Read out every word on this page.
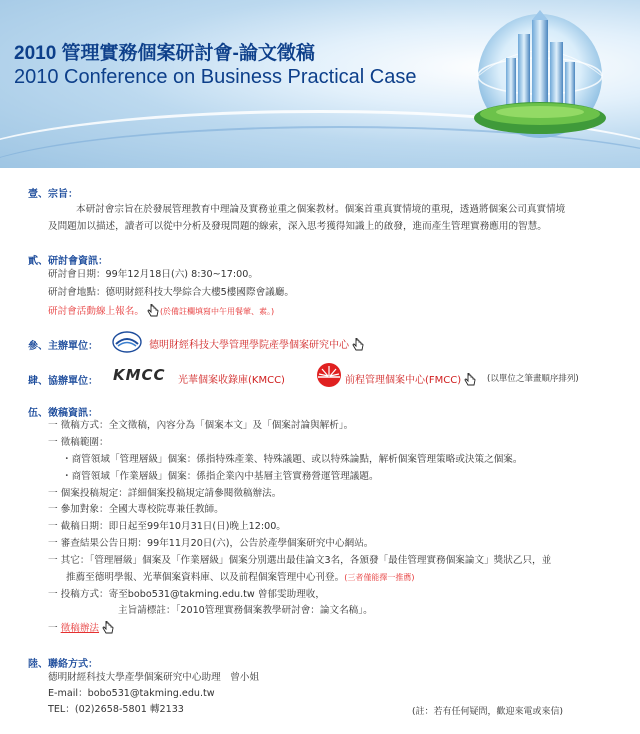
2010 管理實務個案研討會-論文徵稿
2010 Conference on Business Practical Case
壹、宗旨：
本研討會宗旨在於發展管理教育中理論及實務並重之個案教材。個案首重真實情境的重現，透過將個案公司真實情境
及問題加以描述，讀者可以從中分析及發現問題的線索，深入思考獲得知識上的啟發，進而產生管理實務應用的智慧。
貳、研討會資訊：
研討會日期：99年12月18日(六) 8:30~17:00。
研討會地點：德明財經科技大學綜合大樓5樓國際會議廳。
研討會活動線上報名。 (於備註欄填寫中午用餐葷、素。)
參、主辦單位：	德明財經科技大學管理學院產學個案研究中心
肆、協辦單位： KMCC	光華個案收錄庫(KMCC)	前程管理個案中心(FMCC)	(以單位之筆畫順序排列)
伍、徵稿資訊：
一 徵稿方式：全文徵稿，內容分為「個案本文」及「個案討論與解析」。
一 徵稿範圍：
・商管領域「管理層級」個案：係指特殊產業、特殊議題、或以特殊論點，解析個案管理策略或決策之個案。
・商管領域「作業層級」個案：係指企業內中基層主管實務營運管理議題。
一 個案投稿規定：詳細個案投稿規定請參閱徵稿辦法。
一 參加對象：全國大專校院專兼任教師。
一 截稿日期：即日起至99年10月31日(日)晚上12:00。
一 審查結果公告日期：99年11月20日(六)，公告於產學個案研究中心網站。
一 其它：「管理層級」個案及「作業層級」個案分別選出最佳論文3名，各頒發「最佳管理實務個案論文」獎狀乙只，並
推薦至德明學報、光華個案資料庫、以及前程個案管理中心刊登。(三者僅能擇一推薦)
一 投稿方式：寄至bobo531@takming.edu.tw 曾郁雯助理收，
主旨請標註：「2010管理實務個案教學研討會：論文名稿」。
一 徵稿辦法
陸、聯絡方式：
德明財經科技大學產學個案研究中心助理　曾小姐
E-mail：bobo531@takming.edu.tw
TEL：(02)2658-5801 轉2133	(註：若有任何疑問，歡迎來電或來信)
